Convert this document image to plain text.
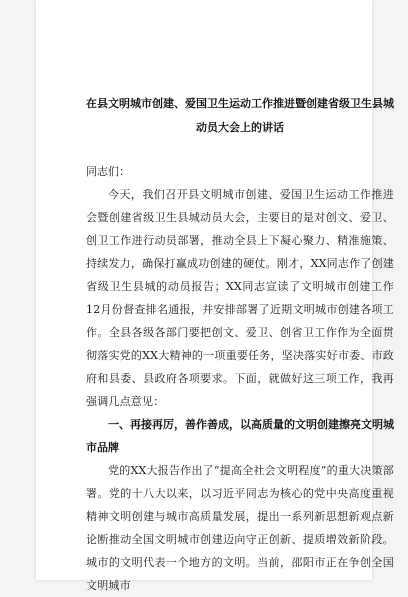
在县文明城市创建、爱国卫生运动工作推进暨创建省级卫生县城
动员大会上的讲话

同志们：

今天，我们召开县文明城市创建、爱国卫生运动工作推进会暨创建省级卫生县城动员大会，主要目的是对创文、爱卫、创卫工作进行动员部署，推动全县上下凝心聚力、精准施策、持续发力，确保打赢成功创建的硬仗。刚才，XX同志作了创建省级卫生县城的动员报告；XX同志宣读了文明城市创建工作12月份督查排名通报，并安排部署了近期文明城市创建各项工作。全县各级各部门要把创文、爱卫、创省卫工作作为全面贯彻落实党的XX大精神的一项重要任务，坚决落实好市委、市政府和县委、县政府各项要求。下面，就做好这三项工作，我再强调几点意见：

一、再接再厉，善作善成，以高质量的文明创建擦亮文明城市品牌

党的XX大报告作出了“提高全社会文明程度”的重大决策部署。党的十八大以来，以习近平同志为核心的党中央高度重视精神文明创建与城市高质量发展，提出一系列新思想新观点新论断推动全国文明城市创建迈向守正创新、提质增效新阶段。城市的文明代表一个地方的文明。当前，邵阳市正在争创全国文明城市
